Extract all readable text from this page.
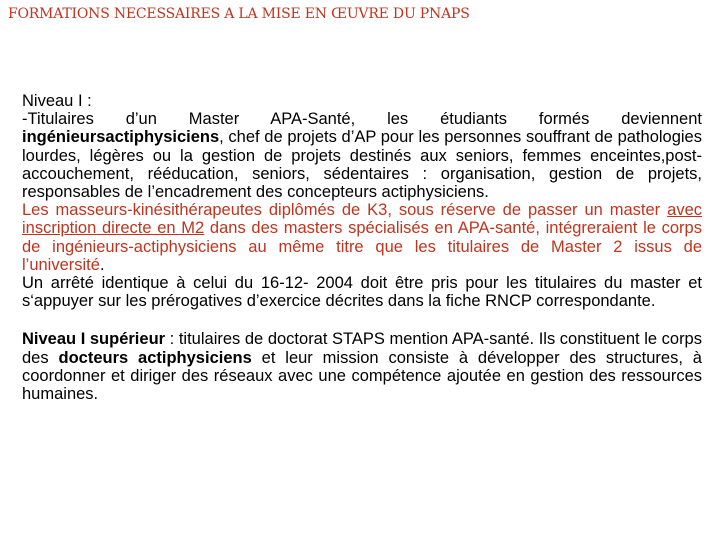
FORMATIONS NECESSAIRES A LA MISE EN ŒUVRE DU PNAPS

Niveau I :

-Titulaires d’un Master APA-Santé, les étudiants formés deviennent ingénieursactiphysiciens, chef de projets d’AP pour les personnes souffrant de pathologies lourdes, légères ou la gestion de projets destinés aux seniors, femmes enceintes,post-accouchement, rééducation, seniors, sédentaires : organisation, gestion de projets, responsables de l’encadrement des concepteurs actiphysiciens.

Les masseurs-kinésithérapeutes diplômés de K3, sous réserve de passer un master avec inscription directe en M2 dans des masters spécialisés en APA-santé, intégreraient le corps de ingénieurs-actiphysiciens au même titre que les titulaires de Master 2 issus de l’université.

Un arrêté identique à celui du 16-12- 2004 doit être pris pour les titulaires du master et s‘appuyer sur les prérogatives d’exercice décrites dans la fiche RNCP correspondante.

Niveau I supérieur : titulaires de doctorat STAPS mention APA-santé. Ils constituent le corps des docteurs actiphysiciens et leur mission consiste à développer des structures, à coordonner et diriger des réseaux avec une compétence ajoutée en gestion des ressources humaines.
